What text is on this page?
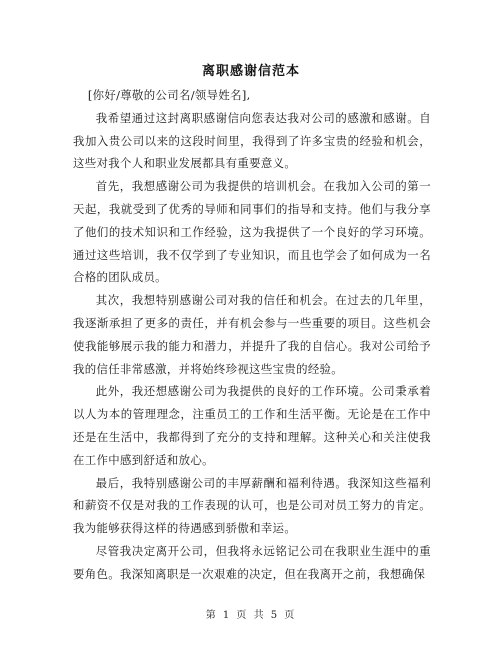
离职感谢信范本

[你好/尊敬的公司名/领导姓名],

我希望通过这封离职感谢信向您表达我对公司的感激和感谢。自我加入贵公司以来的这段时间里，我得到了许多宝贵的经验和机会，这些对我个人和职业发展都具有重要意义。

首先，我想感谢公司为我提供的培训机会。在我加入公司的第一天起，我就受到了优秀的导师和同事们的指导和支持。他们与我分享了他们的技术知识和工作经验，这为我提供了一个良好的学习环境。通过这些培训，我不仅学到了专业知识，而且也学会了如何成为一名合格的团队成员。

其次，我想特别感谢公司对我的信任和机会。在过去的几年里，我逐渐承担了更多的责任，并有机会参与一些重要的项目。这些机会使我能够展示我的能力和潜力，并提升了我的自信心。我对公司给予我的信任非常感激，并将始终珍视这些宝贵的经验。

此外，我还想感谢公司为我提供的良好的工作环境。公司秉承着以人为本的管理理念，注重员工的工作和生活平衡。无论是在工作中还是在生活中，我都得到了充分的支持和理解。这种关心和关注使我在工作中感到舒适和放心。

最后，我特别感谢公司的丰厚薪酬和福利待遇。我深知这些福利和薪资不仅是对我的工作表现的认可，也是公司对员工努力的肯定。我为能够获得这样的待遇感到骄傲和幸运。

尽管我决定离开公司，但我将永远铭记公司在我职业生涯中的重要角色。我深知离职是一次艰难的决定，但在我离开之前，我想确保

第 1 页 共 5 页
